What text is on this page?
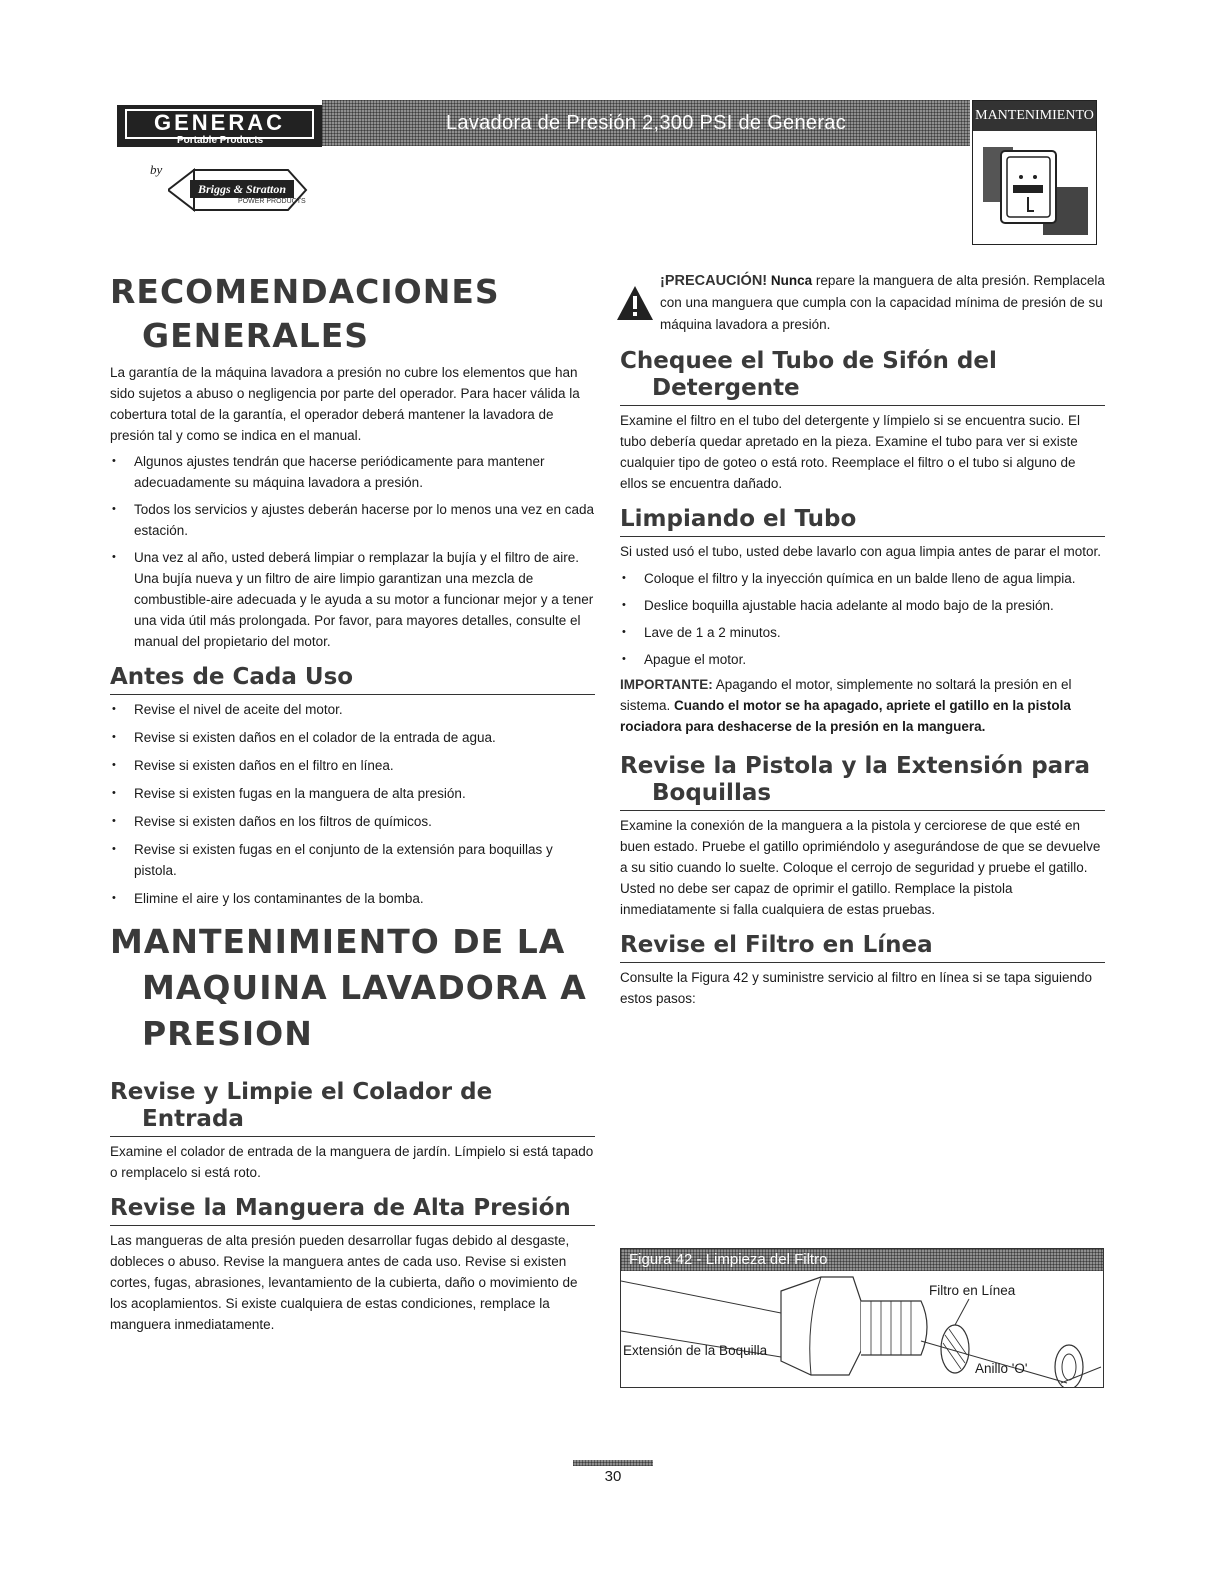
GENERAC
Portable Products
by
Briggs & Stratton
POWER PRODUCTS
Lavadora de Presión 2,300 PSI de Generac	MANTENIMIENTO
RECOMENDACIONES
GENERALES

La garantía de la máquina lavadora a presión no cubre los elementos que han sido sujetos a abuso o negligencia por parte del operador. Para hacer válida la cobertura total de la garantía, el operador deberá mantener la lavadora de presión tal y como se indica en el manual.

• Algunos ajustes tendrán que hacerse periódicamente para mantener adecuadamente su máquina lavadora a presión.
• Todos los servicios y ajustes deberán hacerse por lo menos una vez en cada estación.
• Una vez al año, usted deberá limpiar o remplazar la bujía y el filtro de aire. Una bujía nueva y un filtro de aire limpio garantizan una mezcla de combustible-aire adecuada y le ayuda a su motor a funcionar mejor y a tener una vida útil más prolongada. Por favor, para mayores detalles, consulte el manual del propietario del motor.
Antes de Cada Uso
• Revise el nivel de aceite del motor.
• Revise si existen daños en el colador de la entrada de agua.
• Revise si existen daños en el filtro en línea.
• Revise si existen fugas en la manguera de alta presión.
• Revise si existen daños en los filtros de químicos.
• Revise si existen fugas en el conjunto de la extensión para boquillas y pistola.
• Elimine el aire y los contaminantes de la bomba.
MANTENIMIENTO DE LA
MAQUINA LAVADORA A
PRESION
Revise y Limpie el Colador de
Entrada

Examine el colador de entrada de la manguera de jardín. Límpielo si está tapado o remplacelo si está roto.

Revise la Manguera de Alta Presión

Las mangueras de alta presión pueden desarrollar fugas debido al desgaste, dobleces o abuso. Revise la manguera antes de cada uso. Revise si existen cortes, fugas, abrasiones, levantamiento de la cubierta, daño o movimiento de los acoplamientos. Si existe cualquiera de estas condiciones, remplace la manguera inmediatamente.

¡PRECAUCIÓN! Nunca repare la manguera de alta presión. Remplacela con una manguera que cumpla con la capacidad mínima de presión de su máquina lavadora a presión.

Chequee el Tubo de Sifón del
Detergente

Examine el filtro en el tubo del detergente y límpielo si se encuentra sucio. El tubo debería quedar apretado en la pieza. Examine el tubo para ver si existe cualquier tipo de goteo o está roto. Reemplace el filtro o el tubo si alguno de ellos se encuentra dañado.

Limpiando el Tubo

Si usted usó el tubo, usted debe lavarlo con agua limpia antes de parar el motor.

• Coloque el filtro y la inyección química en un balde lleno de agua limpia.
• Deslice boquilla ajustable hacia adelante al modo bajo de la presión.
• Lave de 1 a 2 minutos.
• Apague el motor.

IMPORTANTE: Apagando el motor, simplemente no soltará la presión en el sistema. Cuando el motor se ha apagado, apriete el gatillo en la pistola rociadora para deshacerse de la presión en la manguera.

Revise la Pistola y la Extensión para
Boquillas

Examine la conexión de la manguera a la pistola y cerciorese de que esté en buen estado. Pruebe el gatillo oprimiéndolo y asegurándose de que se devuelve a su sitio cuando lo suelte. Coloque el cerrojo de seguridad y pruebe el gatillo. Usted no debe ser capaz de oprimir el gatillo. Remplace la pistola inmediatamente si falla cualquiera de estas pruebas.

Revise el Filtro en Línea

Consulte la Figura 42 y suministre servicio al filtro en línea si se tapa siguiendo estos pasos:

Figura 42 - Limpieza del Filtro
Filtro en Línea
Extensión de la Boquilla
Anillo 'O'
30
